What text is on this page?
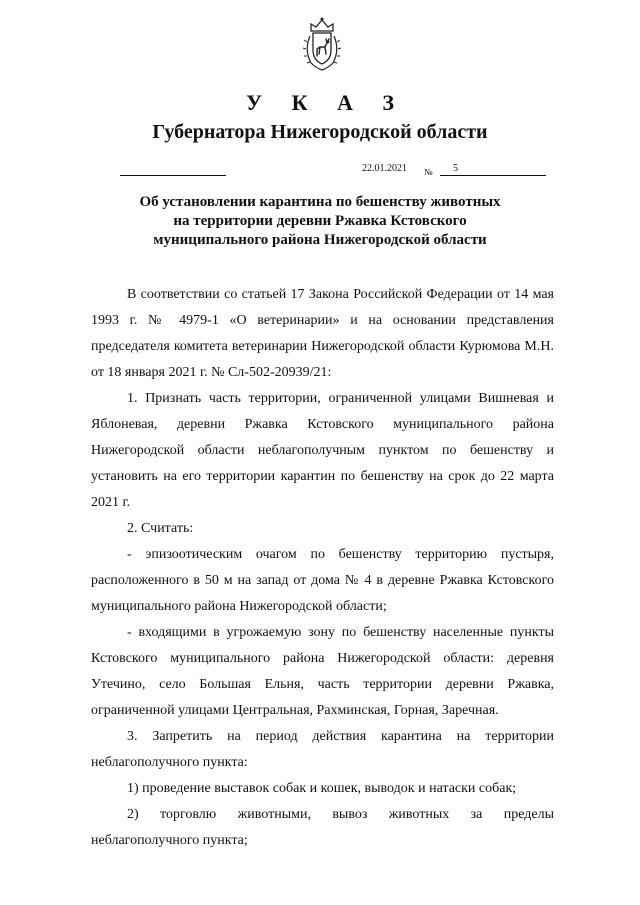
У К А З
Губернатора Нижегородской области
22.01.2021 № 5
Об установлении карантина по бешенству животных на территории деревни Ржавка Кстовского муниципального района Нижегородской области

В соответствии со статьей 17 Закона Российской Федерации от 14 мая 1993 г. № 4979-1 «О ветеринарии» и на основании представления председателя комитета ветеринарии Нижегородской области Курюмова М.Н. от 18 января 2021 г. № Сл-502-20939/21:

1. Признать часть территории, ограниченной улицами Вишневая и Яблоневая, деревни Ржавка Кстовского муниципального района Нижегородской области неблагополучным пунктом по бешенству и установить на его территории карантин по бешенству на срок до 22 марта 2021 г.

2. Считать:

- эпизоотическим очагом по бешенству территорию пустыря, расположенного в 50 м на запад от дома № 4 в деревне Ржавка Кстовского муниципального района Нижегородской области;

- входящими в угрожаемую зону по бешенству населенные пункты Кстовского муниципального района Нижегородской области: деревня Утечино, село Большая Ельня, часть территории деревни Ржавка, ограниченной улицами Центральная, Рахминская, Горная, Заречная.

3. Запретить на период действия карантина на территории неблагополучного пункта:

1) проведение выставок собак и кошек, выводок и натаски собак;

2) торговлю животными, вывоз животных за пределы неблагополучного пункта;
